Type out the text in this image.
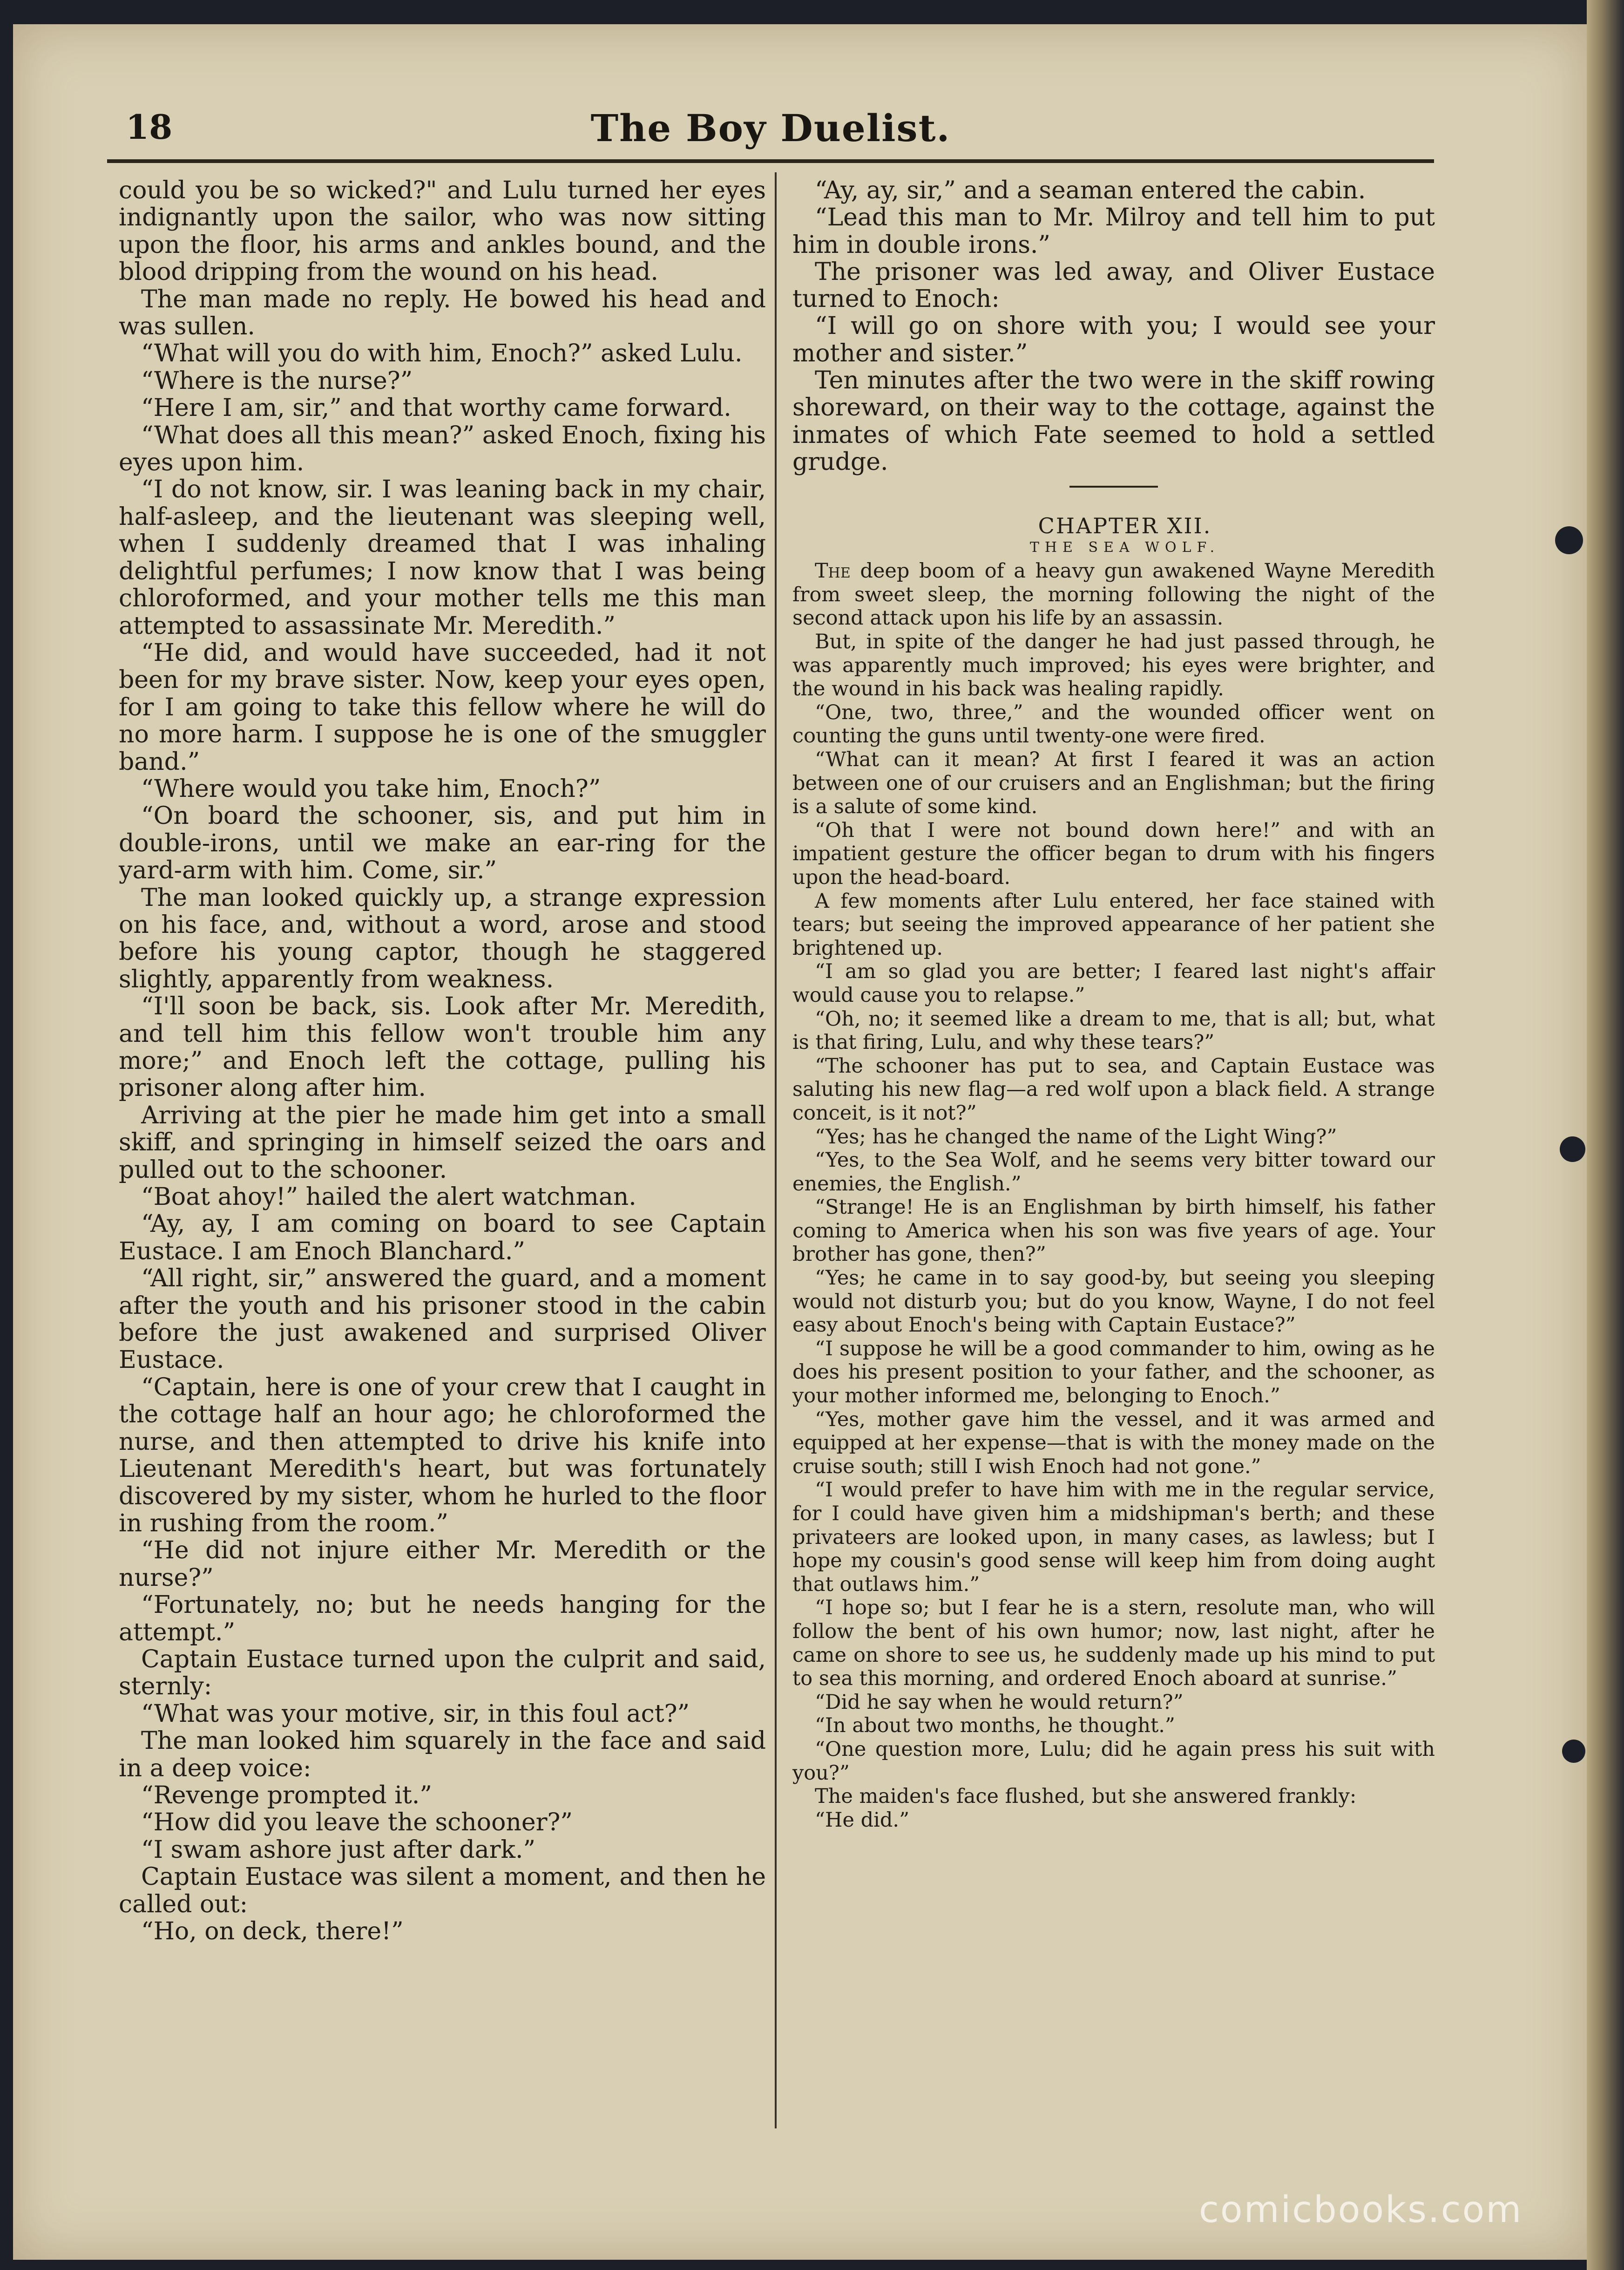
18	The Boy Duelist.

could you be so wicked?" and Lulu turned her eyes indignantly upon the sailor, who was now sitting upon the floor, his arms and ankles bound, and the blood dripping from the wound on his head.

The man made no reply. He bowed his head and was sullen.

“What will you do with him, Enoch?” asked Lulu.

“Where is the nurse?”

“Here I am, sir,” and that worthy came forward.

“What does all this mean?” asked Enoch, fixing his eyes upon him.

“I do not know, sir. I was leaning back in my chair, half-asleep, and the lieutenant was sleeping well, when I suddenly dreamed that I was inhaling delightful perfumes; I now know that I was being chloroformed, and your mother tells me this man attempted to assassinate Mr. Meredith.”

“He did, and would have succeeded, had it not been for my brave sister. Now, keep your eyes open, for I am going to take this fellow where he will do no more harm. I suppose he is one of the smuggler band.”

“Where would you take him, Enoch?”

“On board the schooner, sis, and put him in double-irons, until we make an ear-ring for the yard-arm with him. Come, sir.”

The man looked quickly up, a strange expression on his face, and, without a word, arose and stood before his young captor, though he staggered slightly, apparently from weakness.

“I'll soon be back, sis. Look after Mr. Meredith, and tell him this fellow won't trouble him any more;” and Enoch left the cottage, pulling his prisoner along after him.

Arriving at the pier he made him get into a small skiff, and springing in himself seized the oars and pulled out to the schooner.

“Boat ahoy!” hailed the alert watchman.

“Ay, ay, I am coming on board to see Captain Eustace. I am Enoch Blanchard.”

“All right, sir,” answered the guard, and a moment after the youth and his prisoner stood in the cabin before the just awakened and surprised Oliver Eustace.

“Captain, here is one of your crew that I caught in the cottage half an hour ago; he chloroformed the nurse, and then attempted to drive his knife into Lieutenant Meredith's heart, but was fortunately discovered by my sister, whom he hurled to the floor in rushing from the room.”

“He did not injure either Mr. Meredith or the nurse?”

“Fortunately, no; but he needs hanging for the attempt.”

Captain Eustace turned upon the culprit and said, sternly:

“What was your motive, sir, in this foul act?”

The man looked him squarely in the face and said in a deep voice:

“Revenge prompted it.”

“How did you leave the schooner?”

“I swam ashore just after dark.”

Captain Eustace was silent a moment, and then he called out:

“Ho, on deck, there!”

“Ay, ay, sir,” and a seaman entered the cabin.

“Lead this man to Mr. Milroy and tell him to put him in double irons.”

The prisoner was led away, and Oliver Eustace turned to Enoch:

“I will go on shore with you; I would see your mother and sister.”

Ten minutes after the two were in the skiff rowing shoreward, on their way to the cottage, against the inmates of which Fate seemed to hold a settled grudge.

CHAPTER XII.

THE SEA WOLF.

The deep boom of a heavy gun awakened Wayne Meredith from sweet sleep, the morning following the night of the second attack upon his life by an assassin.

But, in spite of the danger he had just passed through, he was apparently much improved; his eyes were brighter, and the wound in his back was healing rapidly.

“One, two, three,” and the wounded officer went on counting the guns until twenty-one were fired.

“What can it mean? At first I feared it was an action between one of our cruisers and an Englishman; but the firing is a salute of some kind.

“Oh that I were not bound down here!” and with an impatient gesture the officer began to drum with his fingers upon the head-board.

A few moments after Lulu entered, her face stained with tears; but seeing the improved appearance of her patient she brightened up.

“I am so glad you are better; I feared last night's affair would cause you to relapse.”

“Oh, no; it seemed like a dream to me, that is all; but, what is that firing, Lulu, and why these tears?”

“The schooner has put to sea, and Captain Eustace was saluting his new flag—a red wolf upon a black field. A strange conceit, is it not?”

“Yes; has he changed the name of the Light Wing?”

“Yes, to the Sea Wolf, and he seems very bitter toward our enemies, the English.”

“Strange! He is an Englishman by birth himself, his father coming to America when his son was five years of age. Your brother has gone, then?”

“Yes; he came in to say good-by, but seeing you sleeping would not disturb you; but do you know, Wayne, I do not feel easy about Enoch's being with Captain Eustace?”

“I suppose he will be a good commander to him, owing as he does his present position to your father, and the schooner, as your mother informed me, belonging to Enoch.”

“Yes, mother gave him the vessel, and it was armed and equipped at her expense—that is with the money made on the cruise south; still I wish Enoch had not gone.”

“I would prefer to have him with me in the regular service, for I could have given him a midshipman's berth; and these privateers are looked upon, in many cases, as lawless; but I hope my cousin's good sense will keep him from doing aught that outlaws him.”

“I hope so; but I fear he is a stern, resolute man, who will follow the bent of his own humor; now, last night, after he came on shore to see us, he suddenly made up his mind to put to sea this morning, and ordered Enoch aboard at sunrise.”

“Did he say when he would return?”

“In about two months, he thought.”

“One question more, Lulu; did he again press his suit with you?”

The maiden's face flushed, but she answered frankly:

“He did.”

comicbooks.com
